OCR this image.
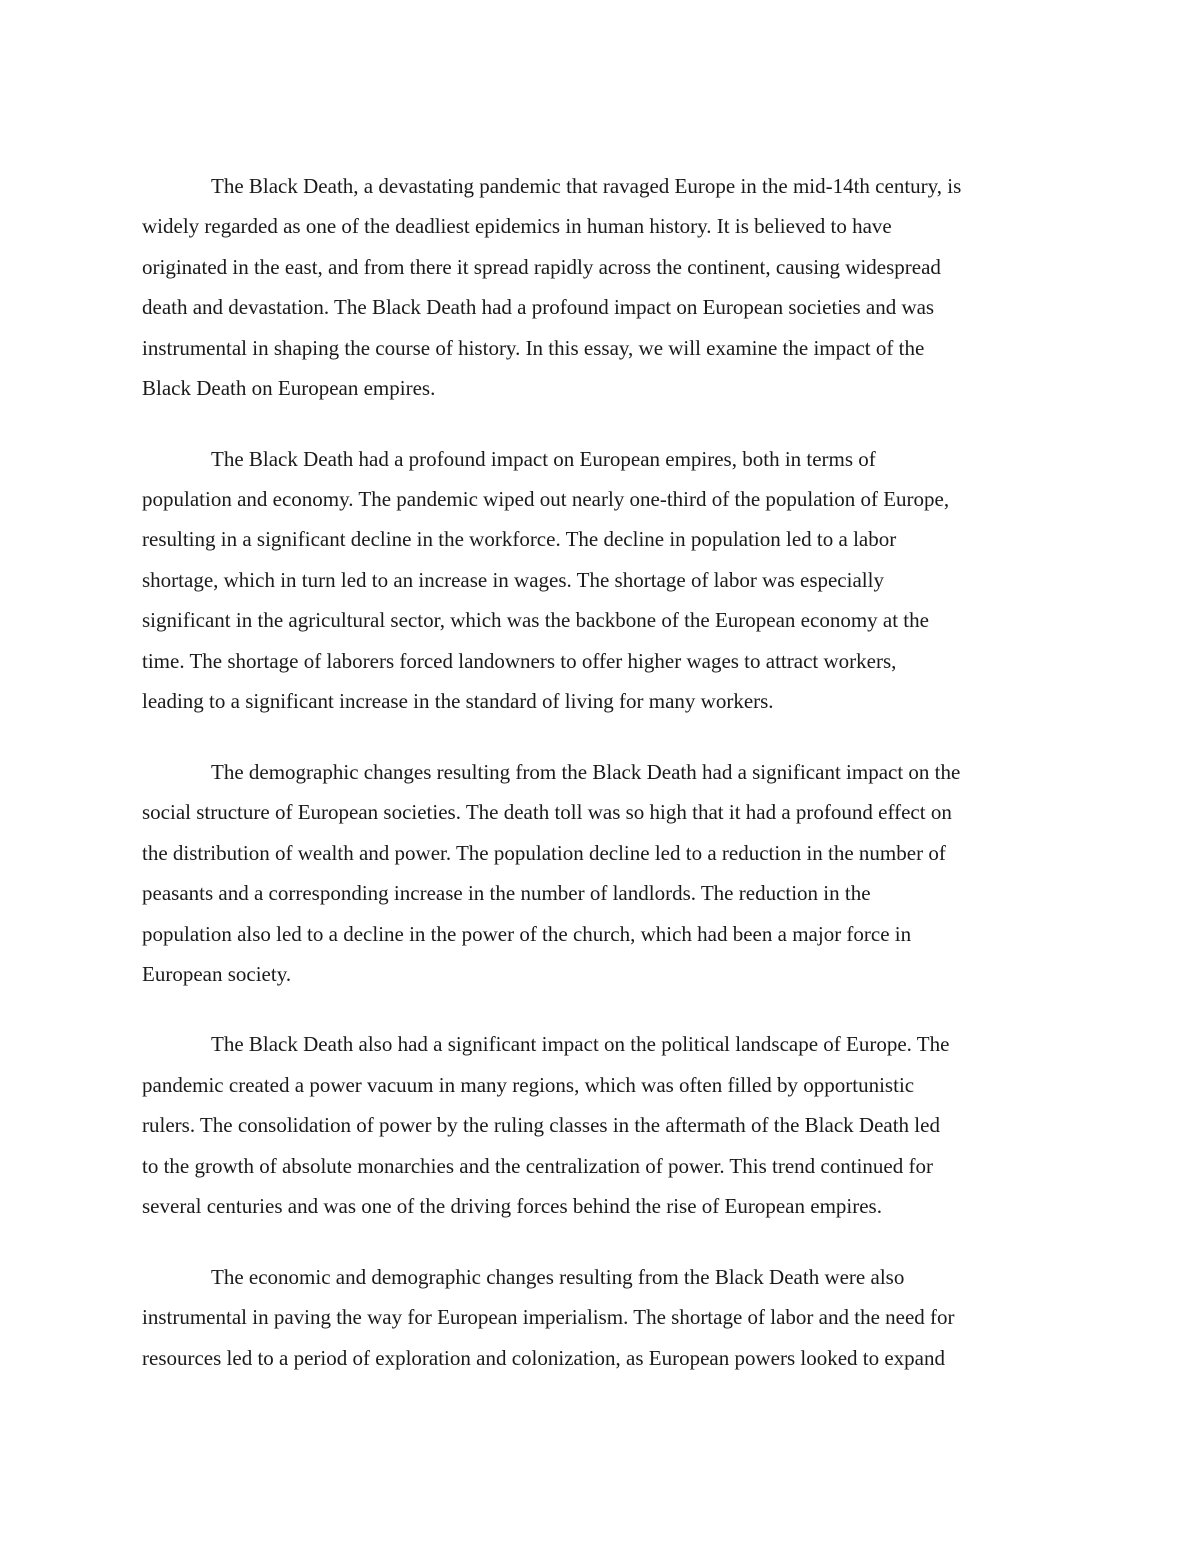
The Black Death, a devastating pandemic that ravaged Europe in the mid-14th century, is
widely regarded as one of the deadliest epidemics in human history. It is believed to have
originated in the east, and from there it spread rapidly across the continent, causing widespread
death and devastation. The Black Death had a profound impact on European societies and was
instrumental in shaping the course of history. In this essay, we will examine the impact of the
Black Death on European empires.
The Black Death had a profound impact on European empires, both in terms of
population and economy. The pandemic wiped out nearly one-third of the population of Europe,
resulting in a significant decline in the workforce. The decline in population led to a labor
shortage, which in turn led to an increase in wages. The shortage of labor was especially
significant in the agricultural sector, which was the backbone of the European economy at the
time. The shortage of laborers forced landowners to offer higher wages to attract workers,
leading to a significant increase in the standard of living for many workers.
The demographic changes resulting from the Black Death had a significant impact on the
social structure of European societies. The death toll was so high that it had a profound effect on
the distribution of wealth and power. The population decline led to a reduction in the number of
peasants and a corresponding increase in the number of landlords. The reduction in the
population also led to a decline in the power of the church, which had been a major force in
European society.
The Black Death also had a significant impact on the political landscape of Europe. The
pandemic created a power vacuum in many regions, which was often filled by opportunistic
rulers. The consolidation of power by the ruling classes in the aftermath of the Black Death led
to the growth of absolute monarchies and the centralization of power. This trend continued for
several centuries and was one of the driving forces behind the rise of European empires.
The economic and demographic changes resulting from the Black Death were also
instrumental in paving the way for European imperialism. The shortage of labor and the need for
resources led to a period of exploration and colonization, as European powers looked to expand
